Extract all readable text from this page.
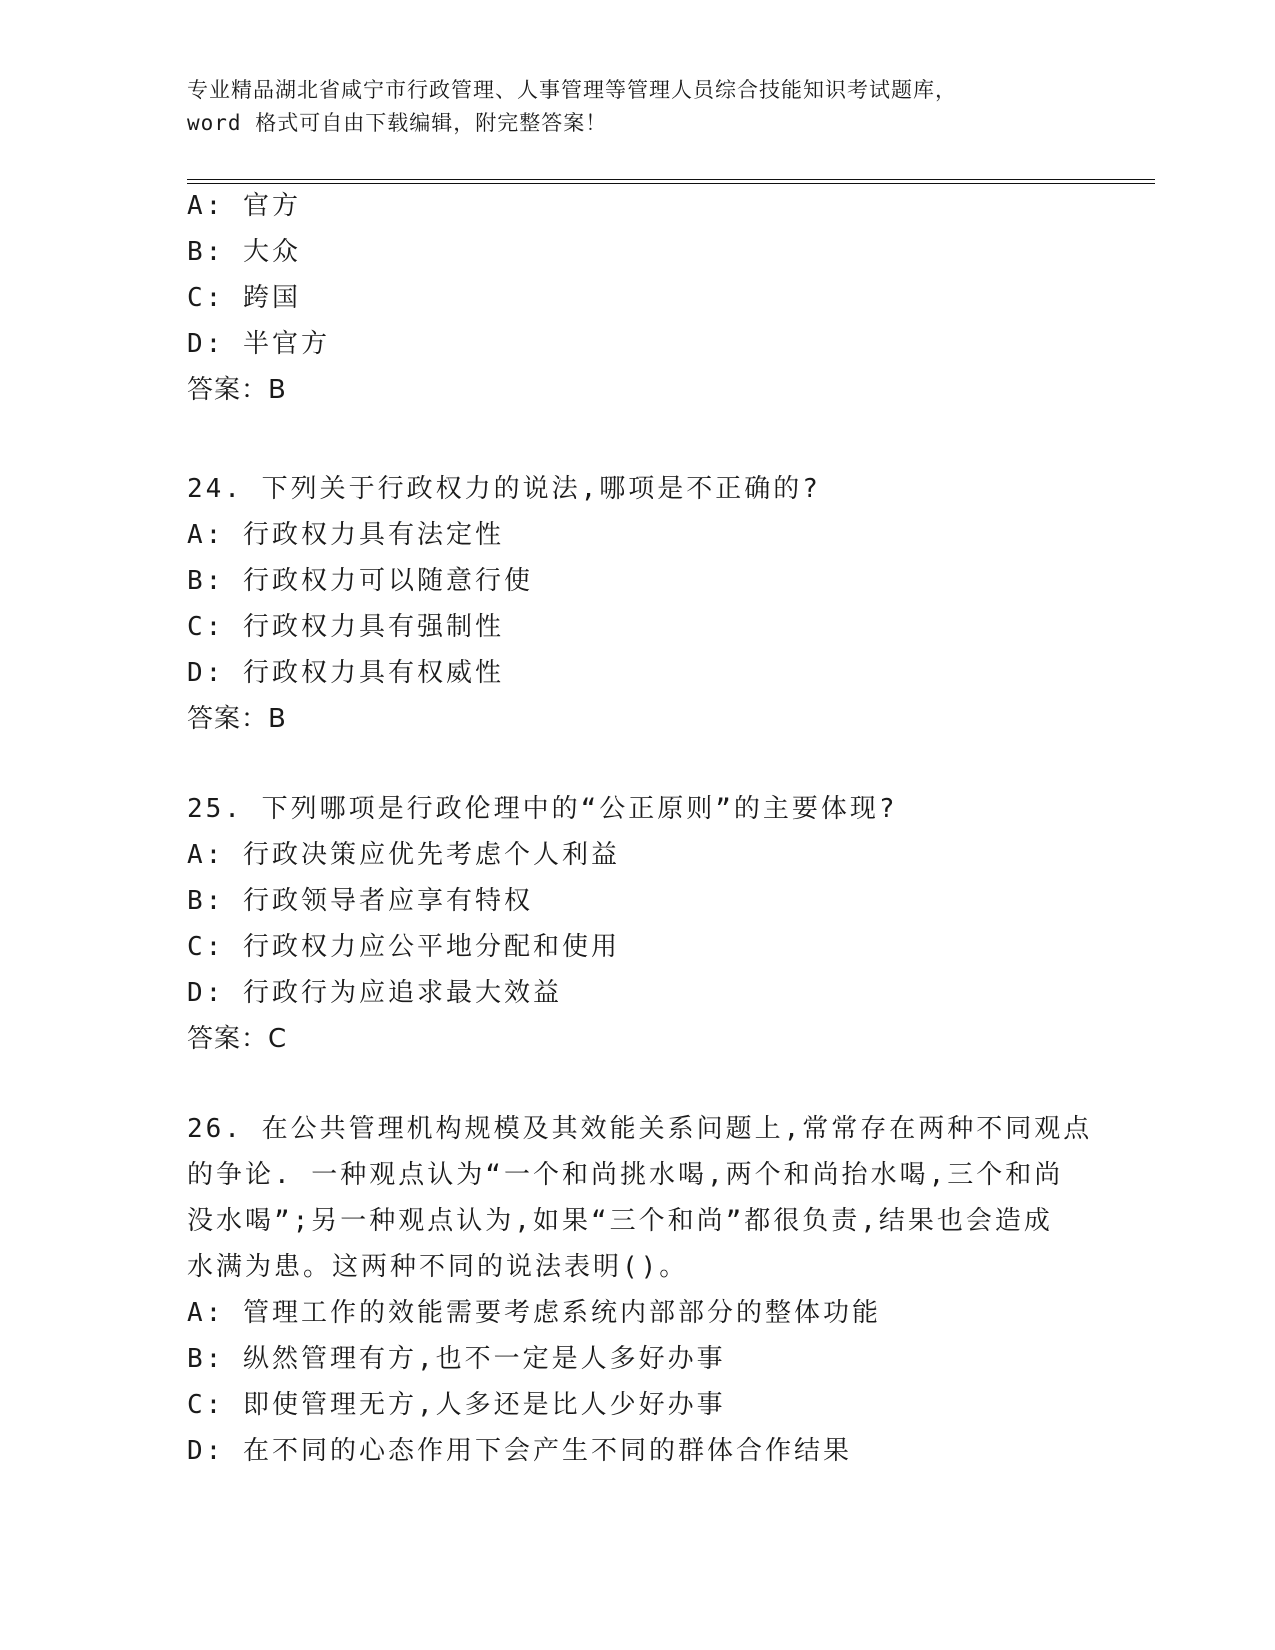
专业精品湖北省咸宁市行政管理、人事管理等管理人员综合技能知识考试题库，
word 格式可自由下载编辑，附完整答案！
A: 官方
B: 大众
C: 跨国
D: 半官方
答案：B
24. 下列关于行政权力的说法,哪项是不正确的?
A: 行政权力具有法定性
B: 行政权力可以随意行使
C: 行政权力具有强制性
D: 行政权力具有权威性
答案：B
25. 下列哪项是行政伦理中的“公正原则”的主要体现?
A: 行政决策应优先考虑个人利益
B: 行政领导者应享有特权
C: 行政权力应公平地分配和使用
D: 行政行为应追求最大效益
答案：C
26. 在公共管理机构规模及其效能关系问题上,常常存在两种不同观点
的争论. 一种观点认为“一个和尚挑水喝,两个和尚抬水喝,三个和尚
没水喝”;另一种观点认为,如果“三个和尚”都很负责,结果也会造成
水满为患。这两种不同的说法表明()。
A: 管理工作的效能需要考虑系统内部部分的整体功能
B: 纵然管理有方,也不一定是人多好办事
C: 即使管理无方,人多还是比人少好办事
D: 在不同的心态作用下会产生不同的群体合作结果
